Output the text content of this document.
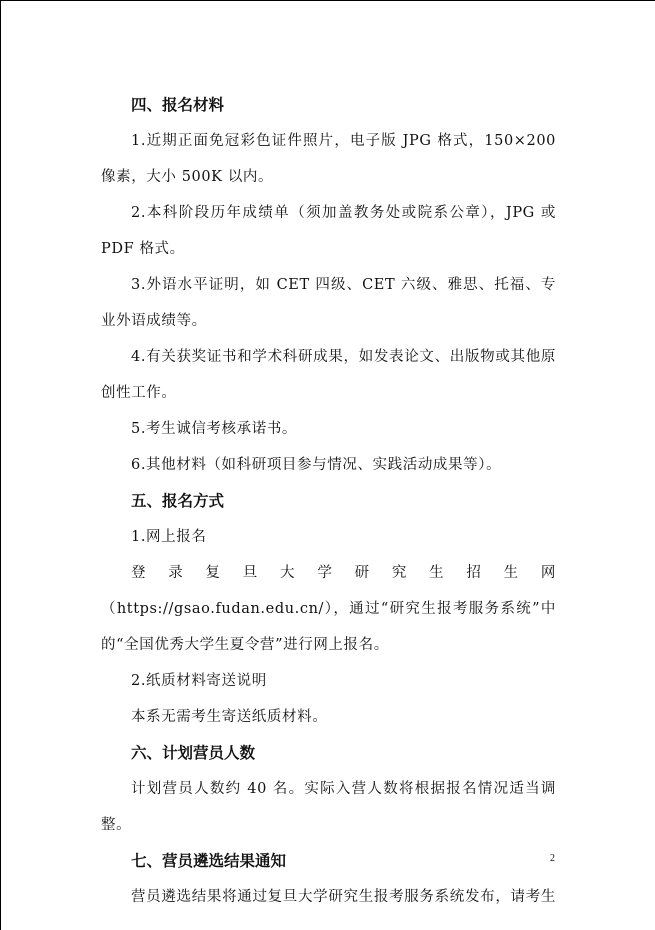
四、报名材料

1.近期正面免冠彩色证件照片，电子版 JPG 格式，150×200 像素，大小 500K 以内。

2.本科阶段历年成绩单（须加盖教务处或院系公章），JPG 或 PDF 格式。

3.外语水平证明，如 CET 四级、CET 六级、雅思、托福、专业外语成绩等。

4.有关获奖证书和学术科研成果，如发表论文、出版物或其他原创性工作。

5.考生诚信考核承诺书。

6.其他材料（如科研项目参与情况、实践活动成果等）。

五、报名方式

1.网上报名

登录复旦大学研究生招生网（https://gsao.fudan.edu.cn/），通过“研究生报考服务系统”中的“全国优秀大学生夏令营”进行网上报名。

2.纸质材料寄送说明

本系无需考生寄送纸质材料。

六、计划营员人数

计划营员人数约 40 名。实际入营人数将根据报名情况适当调整。

七、营员遴选结果通知

营员遴选结果将通过复旦大学研究生报考服务系统发布，请考生

2
